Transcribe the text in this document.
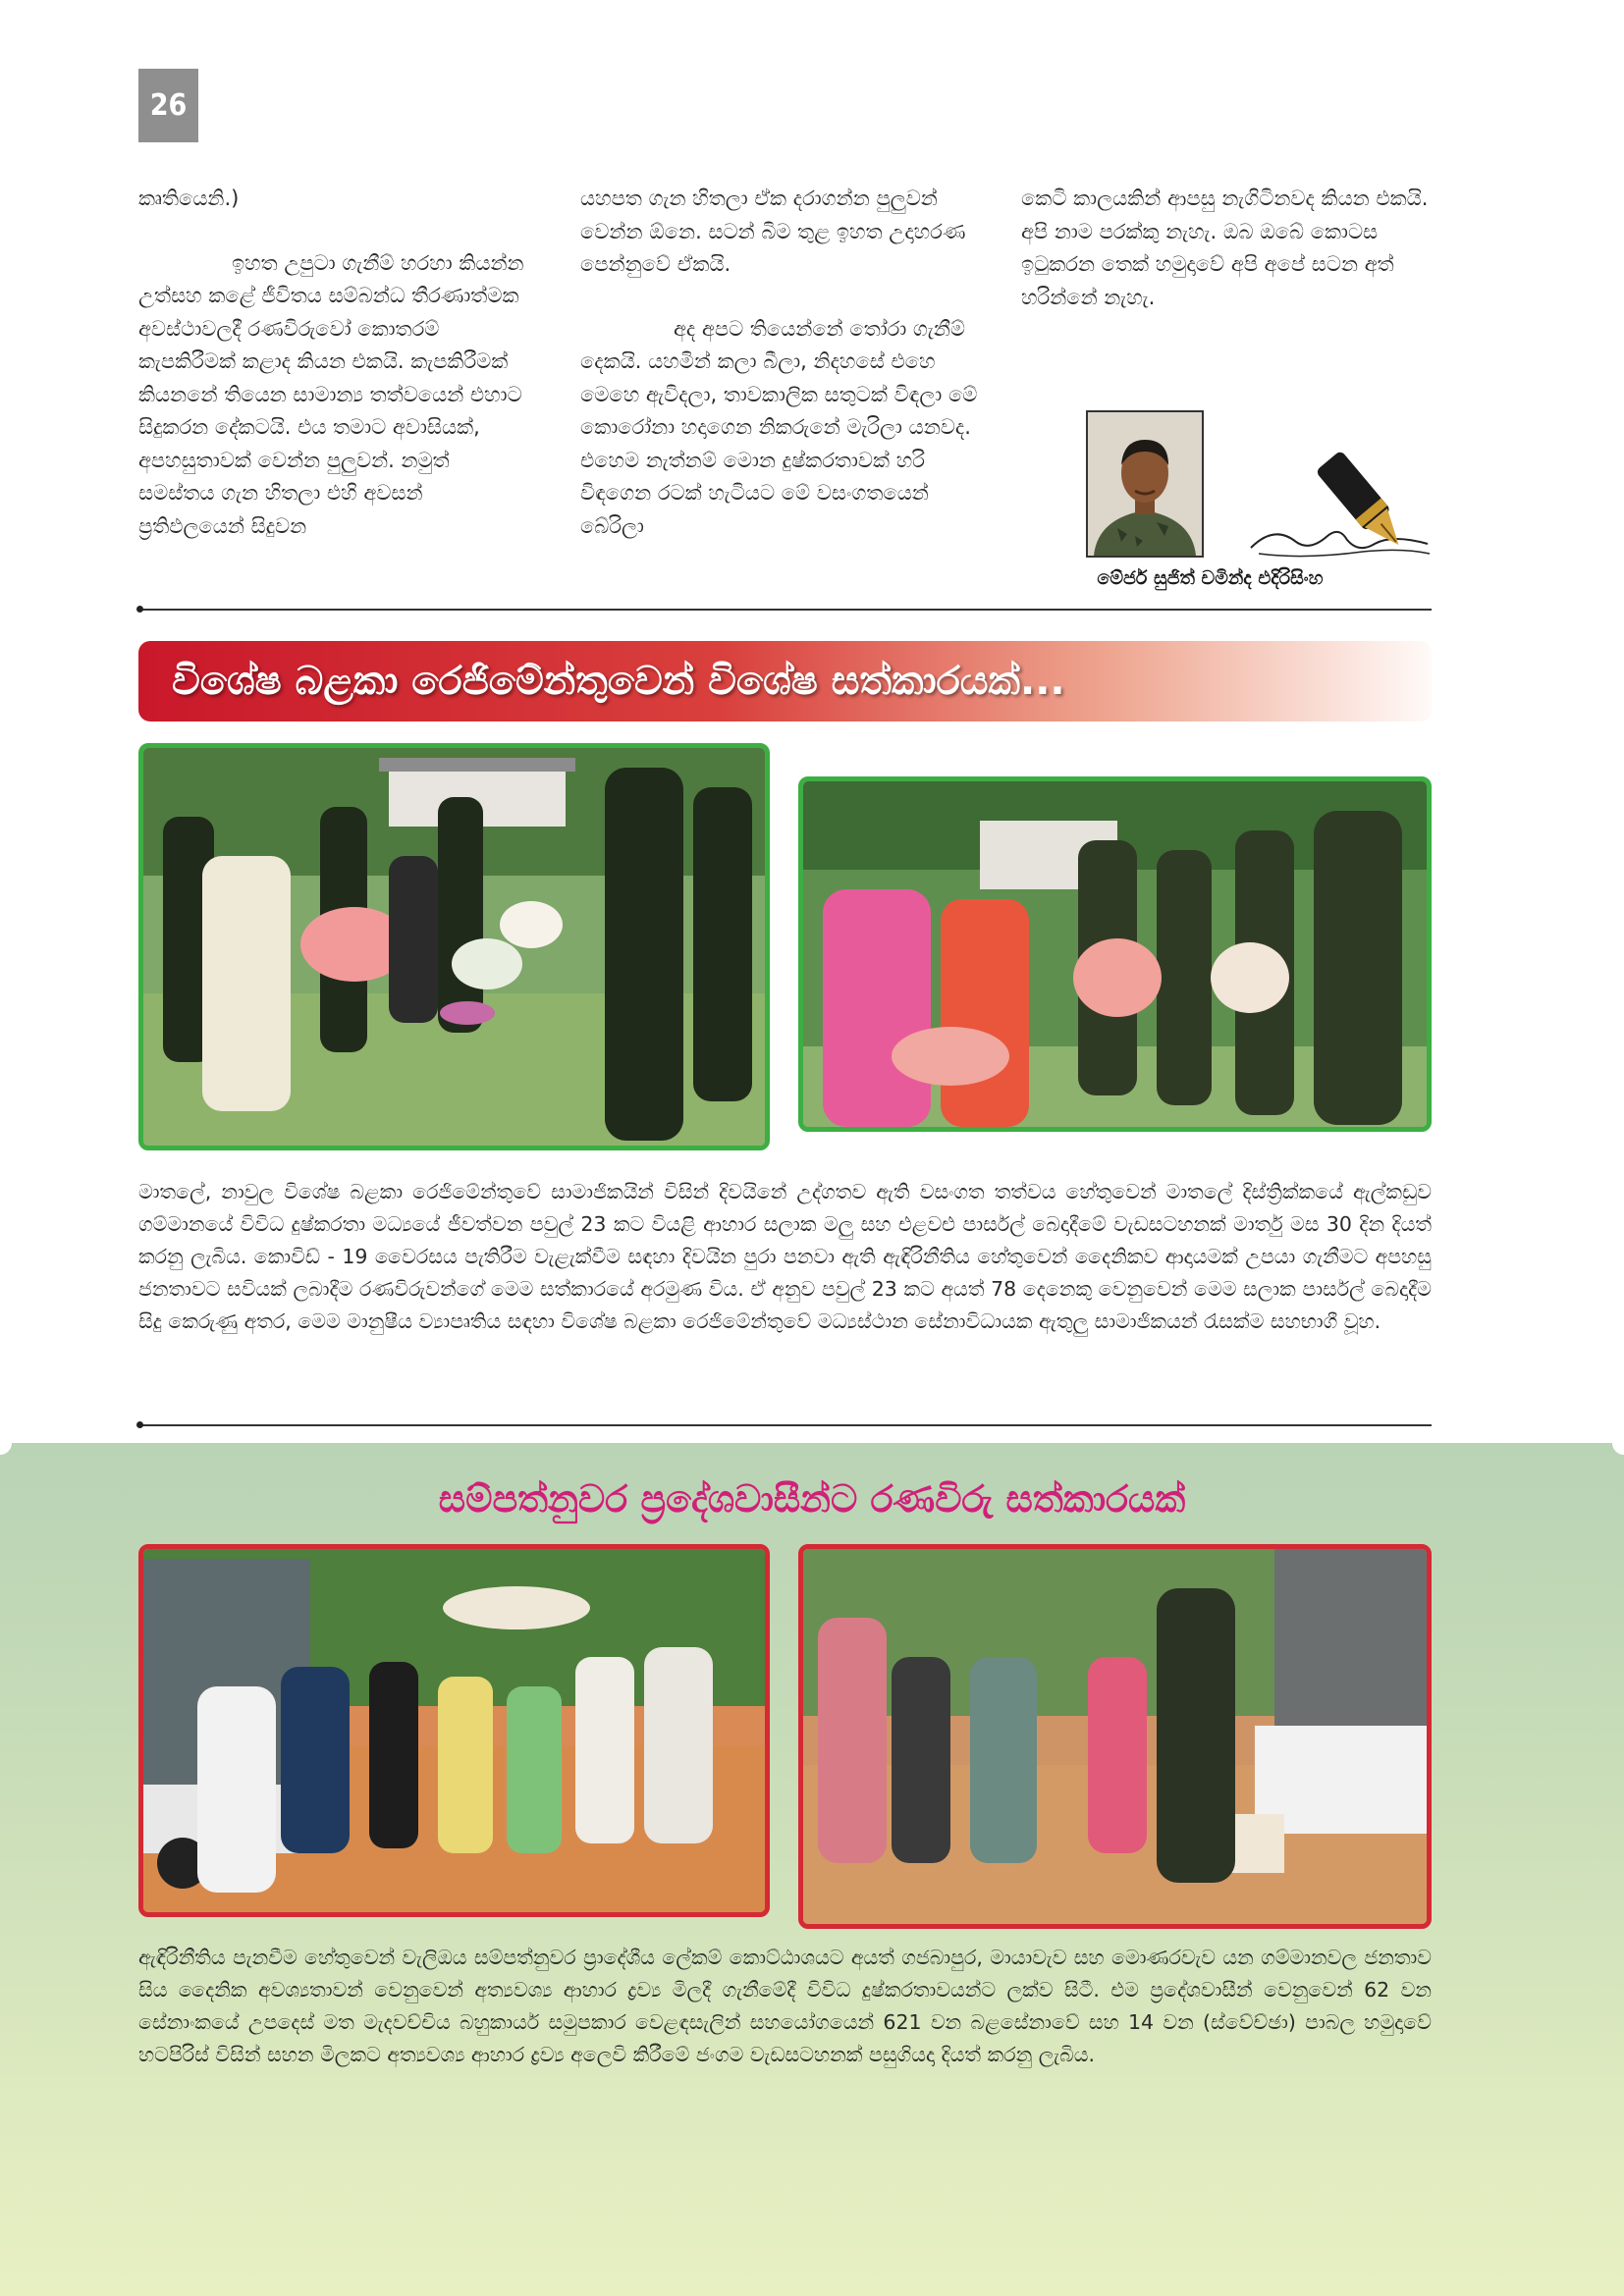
26

කෘතියෙනි.)

ඉහත උපුටා ගැනීම් හරහා කියන්න උත්සහ කළේ ජීවිතය සම්බන්ධ තීරණාත්මක අවස්ථාවලදී රණවිරුවෝ කොතරම් කැපකිරීමක් කළාද කියන එකයි. කැපකිරීමක් කියනනේ තියෙන සාමාන්‍ය තත්වයෙන් එහාට සිදුකරන දේකටයි. එය තමාට අවාසියක්, අපහසුතාවක් වෙන්න පුලුවන්. නමුත් සමස්තය ගැන හිතලා එහි අවසන් ප්‍රතිඵලයෙන් සිදුවන

යහපත ගැන හිතලා ඒක දරාගන්න පුලුවන් වෙන්න ඕනෙ. සටන් බිම තුළ ඉහත උදාහරණ පෙන්නුවේ ඒකයි.

අද අපට තියෙන්නේ තෝරා ගැනීම් දෙකයි. යහමින් කලා බීලා, නිදහසේ එහෙ මෙහෙ ඇවිදලා, තාවකාලික සතුටක් විඳලා මේ කොරෝනා හදාගෙන නිකරුනේ මැරිලා යනවද. එහෙම නැත්නම් මොන දුෂ්කරතාවක් හරි විඳගෙන රටක් හැටියට මේ වසංගතයෙන් බේරිලා

කෙටි කාලයකින් ආපසු නැගිටිනවද කියන එකයි. අපි නාම පරක්කු නැහැ. ඔබ ඔබේ කොටස ඉටුකරන තෙක් හමුදාවේ අපි අපේ සටන අත් හරින්නේ නැහැ.

මේජර් සුජිත් චමින්ද එදිරිසිංහ
විශේෂ බළකා රෙජිමේන්තුවෙන් විශේෂ සත්කාරයක්...

මාතලේ, නාවුල විශේෂ බළකා රෙජිමේන්තුවේ සාමාජිකයින් විසින් දිවයිනේ උද්ගතව ඇති වසංගත තත්වය හේතුවෙන් මාතලේ දිස්ත්‍රික්කයේ ඇල්කඩුව ගම්මානයේ විවිධ දුෂ්කරතා මධ්‍යයේ ජීවත්වන පවුල් 23 කට වියළි ආහාර සලාක මලු සහ එළවළු පාර්සල් බෙදාදීමේ වැඩසටහනක් මාර්තු මස 30 දින දියත් කරනු ලැබිය. කොවිඩ් - 19 වෛරසය පැතිරීම වැළැක්වීම සඳහා දිවයින පුරා පනවා ඇති ඇඳිරිනීතිය හේතුවෙන් දෛනිකව ආදායමක් උපයා ගැනීමට අපහසු ජනතාවට සවියක් ලබාදීම රණවිරුවන්ගේ මෙම සත්කාරයේ අරමුණ විය. ඒ අනුව පවුල් 23 කට අයත් 78 දෙනෙකු වෙනුවෙන් මෙම සලාක පාර්සල් බෙදාදීම සිදු කෙරුණු අතර, මෙම මානුෂීය ව්‍යාපෘතිය සඳහා විශේෂ බළකා රෙජිමේන්තුවේ මධ්‍යස්ථාන සේනාවිධායක ඇතුලු සාමාජිකයන් රැසක්ම සහභාගී වූහ.

සම්පත්නුවර ප්‍රදේශවාසීන්ට රණවිරු සත්කාරයක්

ඇඳිරිනීතිය පැනවීම හේතුවෙන් වැලිඔය සම්පත්නුවර ප්‍රාදේශීය ලේකම් කොට්ඨාශයට අයත් ගජබාපුර, මායාවැව සහ මොණරවැව යන ගම්මානවල ජනතාව සිය දෛනික අවශ්‍යතාවන් වෙනුවෙන් අත්‍යවශ්‍ය ආහාර ද්‍රව්‍ය මිලදී ගැනීමේදී විවිධ දුෂ්කරතාවයන්ට ලක්ව සිටී. එම ප්‍රදේශවාසීන් වෙනුවෙන් 62 වන සේනාංකයේ උපදෙස් මත මැදවච්චිය බහුකාර්ය සමුපකාර වෙළඳසැලින් සහයෝගයෙන් 621 වන බළසේනාවේ සහ 14 වන (ස්වේච්ඡා) පාබල හමුදාවේ හටපිරිස් විසින් සහන මිලකට අත්‍යවශ්‍ය ආහාර ද්‍රව්‍ය අලෙවි කිරීමේ ජංගම වැඩසටහනක් පසුගියදා දියත් කරනු ලැබිය.
